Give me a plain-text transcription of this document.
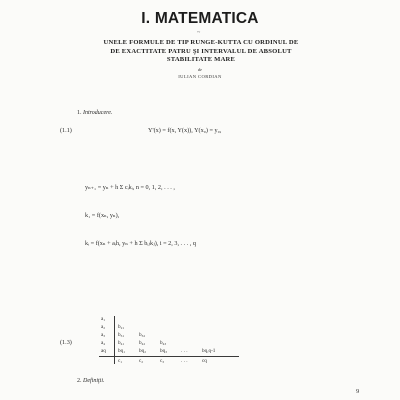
I. MATEMATICA
~
UNELE FORMULE DE TIP RUNGE-KUTTA CU ORDINUL DE
DE EXACTITATE PATRU ŞI INTERVALUL DE ABSOLUT
STABILITATE MARE
de
IULIAN CORDIAN
1. Introducere.
(1.1)	Y'(x) = f(x, Y(x)), Y(x₀) = y₀,
yₙ₊₁ = yₙ + h Σ cᵢkᵢ, n = 0, 1, 2, . . . ,
k₁ = f(xₙ, yₙ),
kᵢ = f(xₙ + aᵢh, yₙ + h Σ bᵢⱼkⱼ), i = 2, 3, . . . , q
(1.3)
a₁
a₂ b₂₁
a₃ b₃₁	b₃₂
a₄ b₄₁	b₄₂	b₄₃
aq bq₁	bq₂	bq₃	. . .	bq,q-1
c₁	c₂	c₃	. . .	cq
2. Definiţii.
9
